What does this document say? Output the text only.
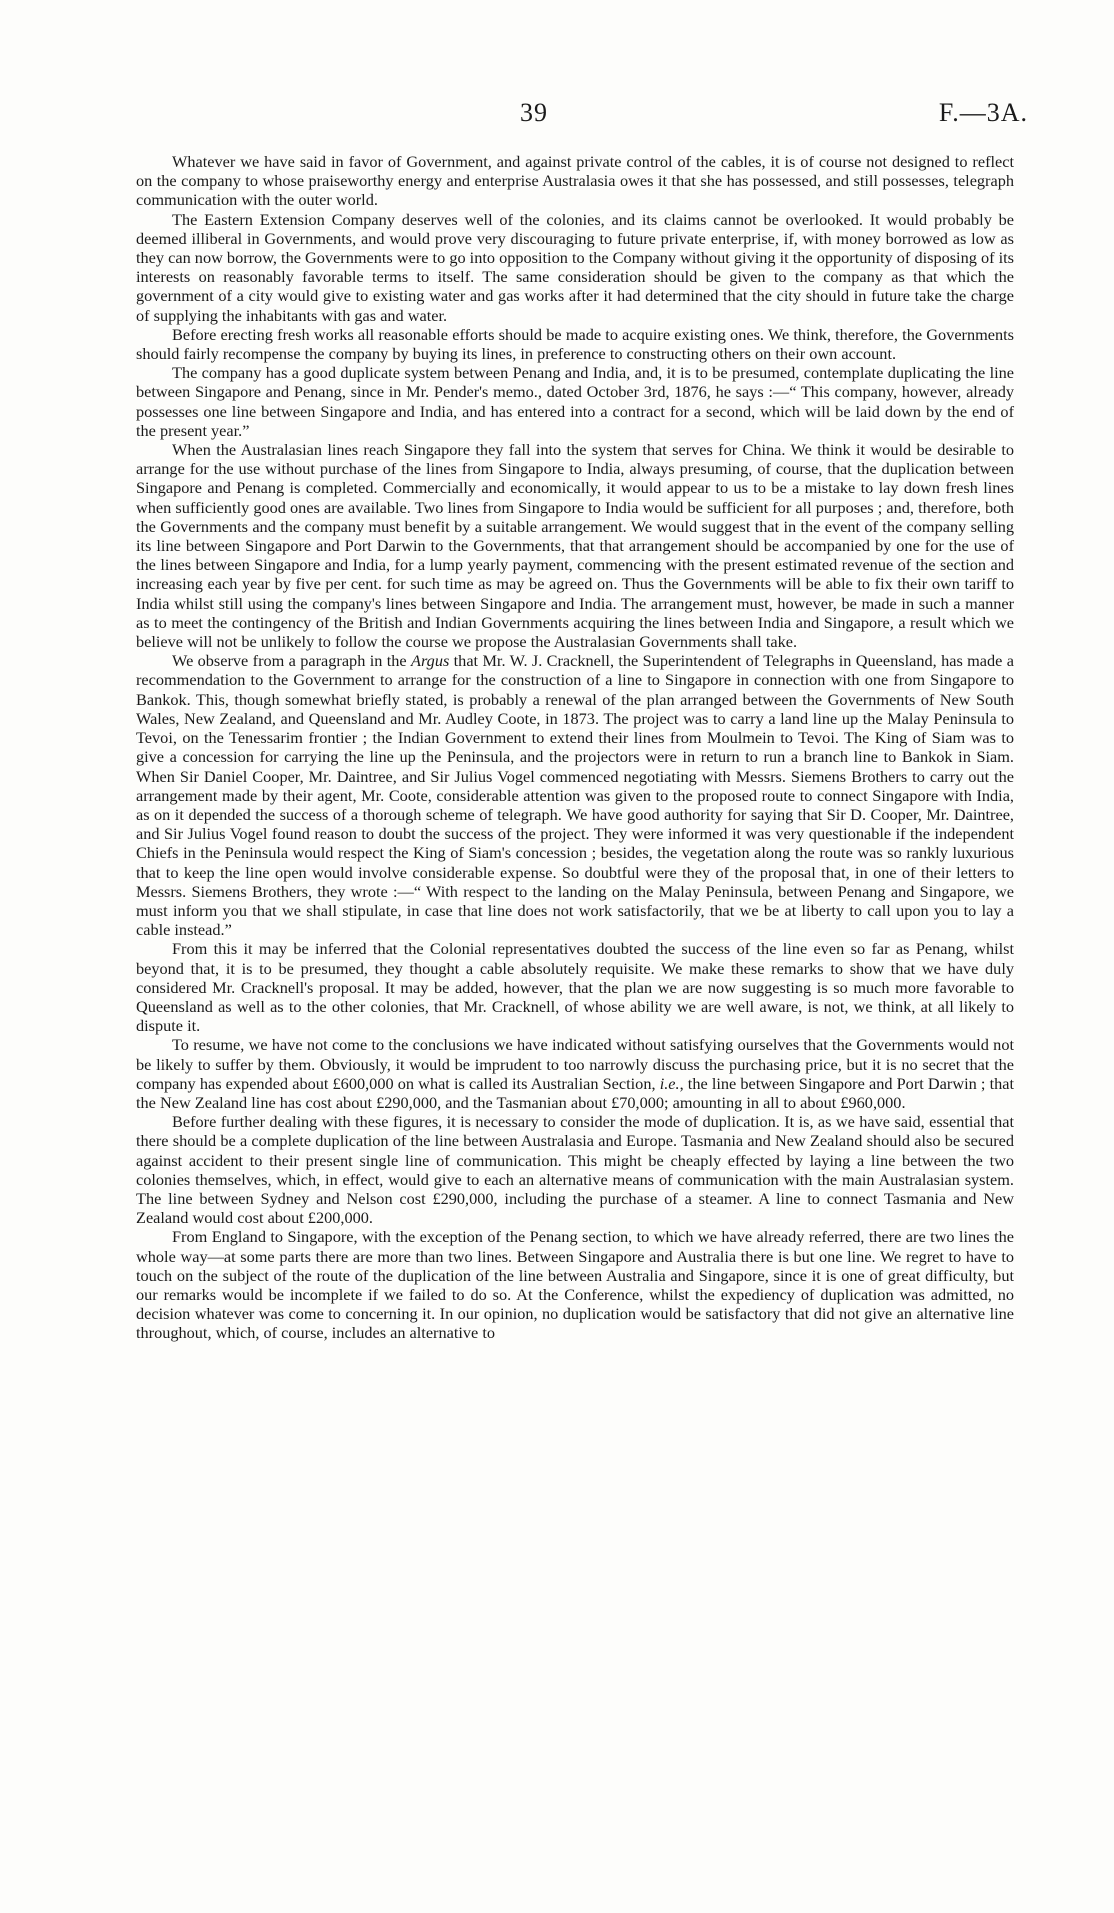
39	F.—3A.

Whatever we have said in favor of Government, and against private control of the cables, it is of course not designed to reflect on the company to whose praiseworthy energy and enterprise Australasia owes it that she has possessed, and still possesses, telegraph communication with the outer world.

The Eastern Extension Company deserves well of the colonies, and its claims cannot be overlooked. It would probably be deemed illiberal in Governments, and would prove very discouraging to future private enterprise, if, with money borrowed as low as they can now borrow, the Governments were to go into opposition to the Company without giving it the opportunity of disposing of its interests on reasonably favorable terms to itself. The same consideration should be given to the company as that which the government of a city would give to existing water and gas works after it had determined that the city should in future take the charge of supplying the inhabitants with gas and water.

Before erecting fresh works all reasonable efforts should be made to acquire existing ones. We think, therefore, the Governments should fairly recompense the company by buying its lines, in preference to constructing others on their own account.

The company has a good duplicate system between Penang and India, and, it is to be presumed, contemplate duplicating the line between Singapore and Penang, since in Mr. Pender's memo., dated October 3rd, 1876, he says :—“ This company, however, already possesses one line between Singapore and India, and has entered into a contract for a second, which will be laid down by the end of the present year.”

When the Australasian lines reach Singapore they fall into the system that serves for China. We think it would be desirable to arrange for the use without purchase of the lines from Singapore to India, always presuming, of course, that the duplication between Singapore and Penang is completed. Commercially and economically, it would appear to us to be a mistake to lay down fresh lines when sufficiently good ones are available. Two lines from Singapore to India would be sufficient for all purposes ; and, therefore, both the Governments and the company must benefit by a suitable arrangement. We would suggest that in the event of the company selling its line between Singapore and Port Darwin to the Governments, that that arrangement should be accompanied by one for the use of the lines between Singapore and India, for a lump yearly payment, commencing with the present estimated revenue of the section and increasing each year by five per cent. for such time as may be agreed on. Thus the Governments will be able to fix their own tariff to India whilst still using the company's lines between Singapore and India. The arrangement must, however, be made in such a manner as to meet the contingency of the British and Indian Governments acquiring the lines between India and Singapore, a result which we believe will not be unlikely to follow the course we propose the Australasian Governments shall take.

We observe from a paragraph in the Argus that Mr. W. J. Cracknell, the Superintendent of Telegraphs in Queensland, has made a recommendation to the Government to arrange for the construction of a line to Singapore in connection with one from Singapore to Bankok. This, though somewhat briefly stated, is probably a renewal of the plan arranged between the Governments of New South Wales, New Zealand, and Queensland and Mr. Audley Coote, in 1873. The project was to carry a land line up the Malay Peninsula to Tevoi, on the Tenessarim frontier ; the Indian Government to extend their lines from Moulmein to Tevoi. The King of Siam was to give a concession for carrying the line up the Peninsula, and the projectors were in return to run a branch line to Bankok in Siam. When Sir Daniel Cooper, Mr. Daintree, and Sir Julius Vogel commenced negotiating with Messrs. Siemens Brothers to carry out the arrangement made by their agent, Mr. Coote, considerable attention was given to the proposed route to connect Singapore with India, as on it depended the success of a thorough scheme of telegraph. We have good authority for saying that Sir D. Cooper, Mr. Daintree, and Sir Julius Vogel found reason to doubt the success of the project. They were informed it was very questionable if the independent Chiefs in the Peninsula would respect the King of Siam's concession ; besides, the vegetation along the route was so rankly luxurious that to keep the line open would involve considerable expense. So doubtful were they of the proposal that, in one of their letters to Messrs. Siemens Brothers, they wrote :—“ With respect to the landing on the Malay Peninsula, between Penang and Singapore, we must inform you that we shall stipulate, in case that line does not work satisfactorily, that we be at liberty to call upon you to lay a cable instead.”

From this it may be inferred that the Colonial representatives doubted the success of the line even so far as Penang, whilst beyond that, it is to be presumed, they thought a cable absolutely requisite. We make these remarks to show that we have duly considered Mr. Cracknell's proposal. It may be added, however, that the plan we are now suggesting is so much more favorable to Queensland as well as to the other colonies, that Mr. Cracknell, of whose ability we are well aware, is not, we think, at all likely to dispute it.

To resume, we have not come to the conclusions we have indicated without satisfying ourselves that the Governments would not be likely to suffer by them. Obviously, it would be imprudent to too narrowly discuss the purchasing price, but it is no secret that the company has expended about £600,000 on what is called its Australian Section, i.e., the line between Singapore and Port Darwin ; that the New Zealand line has cost about £290,000, and the Tasmanian about £70,000; amounting in all to about £960,000.

Before further dealing with these figures, it is necessary to consider the mode of duplication. It is, as we have said, essential that there should be a complete duplication of the line between Australasia and Europe. Tasmania and New Zealand should also be secured against accident to their present single line of communication. This might be cheaply effected by laying a line between the two colonies themselves, which, in effect, would give to each an alternative means of communication with the main Australasian system. The line between Sydney and Nelson cost £290,000, including the purchase of a steamer. A line to connect Tasmania and New Zealand would cost about £200,000.

From England to Singapore, with the exception of the Penang section, to which we have already referred, there are two lines the whole way—at some parts there are more than two lines. Between Singapore and Australia there is but one line. We regret to have to touch on the subject of the route of the duplication of the line between Australia and Singapore, since it is one of great difficulty, but our remarks would be incomplete if we failed to do so. At the Conference, whilst the expediency of duplication was admitted, no decision whatever was come to concerning it. In our opinion, no duplication would be satisfactory that did not give an alternative line throughout, which, of course, includes an alternative to
